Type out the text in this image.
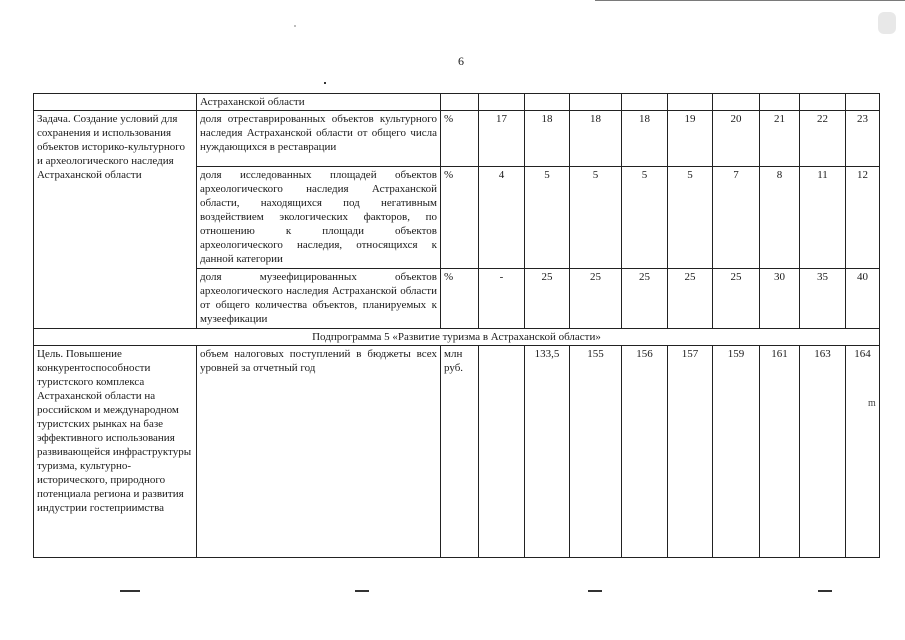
6
	Астраханской области										
Задача. Создание условий для сохранения и использования объектов историко-культурного и археологического наследия Астраханской области	доля отреставрированных объектов культурного наследия Астраханской области от общего числа нуждающихся в реставрации	%	17	18	18	18	19	20	21	22	23
	доля исследованных площадей объектов археологического наследия Астраханской области, находящихся под негативным воздействием экологических факторов, по отношению к площади объектов археологического наследия, относящихся к данной категории	%	4	5	5	5	5	7	8	11	12
	доля музеефицированных объектов археологического наследия Астраханской области от общего количества объектов, планируемых к музеефикации	%	-	25	25	25	25	25	30	35	40
Подпрограмма 5 «Развитие туризма в Астраханской области»											
Цель. Повышение конкурентоспособности туристского комплекса Астраханской области на российском и международном туристских рынках на базе эффективного использования развивающейся инфраструктуры туризма, культурно-исторического, природного потенциала региона и развития индустрии гостеприимства	объем налоговых поступлений в бюджеты всех уровней за отчетный год	млн руб.		133,5	155	156	157	159	161	163	164
m
